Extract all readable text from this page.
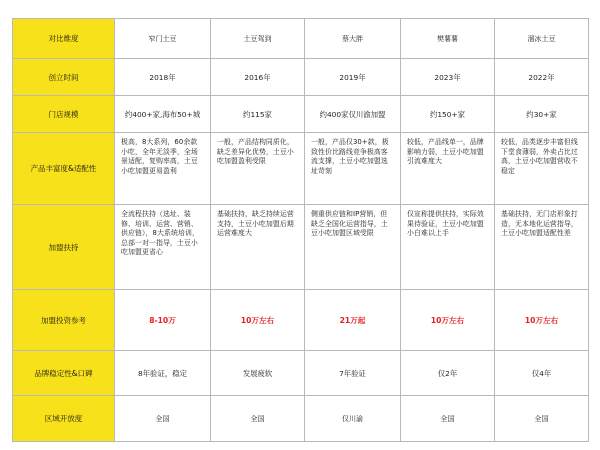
对比维度	窄门土豆	土豆驾到	蔡大胖	樊薯薯	溜冰土豆
创立时间	2018年	2016年	2019年	2023年	2022年
门店规模	约400+家,海布50+城	约115家	约400家仅川渝加盟	约150+家	约30+家
产品丰富度&适配性	极高，8大系列，60余款小吃，全年无淡季，全场景适配，复购率高，土豆小吃加盟更易盈利	一般，产品结构同质化，缺乏差异化优势，土豆小吃加盟盈利受限	一般，产品仅30+款，极致性价比路线竞争极高客流支撑，土豆小吃加盟选址苛刻	较低，产品线单一，品牌影响力弱，土豆小吃加盟引流难度大	较低，品类逐步丰富但线下堂食薄弱，外卖占比过高，土豆小吃加盟营收不稳定

加盟扶持	全流程扶持（选址、装修、培训、运营、营销、供应链），8大系统培训，总部一对一指导，土豆小吃加盟更省心	基础扶持，缺乏持续运营支持，土豆小吃加盟后期运营难度大	侧重供应链和IP营销，但缺乏全国化运营指导，土豆小吃加盟区域受限	仅宣称提供扶持，实际效果待验证，土豆小吃加盟小白难以上手	基础扶持，无门店形象打造，无本地化运营指导，土豆小吃加盟适配性差

加盟投资参考	8-10万	10万左右	21万起	10万左右	10万左右
品牌稳定性&口碑	8年验证，稳定	发展疲软	7年验证	仅2年	仅4年
区域开放度	全国	全国	仅川渝	全国	全国
